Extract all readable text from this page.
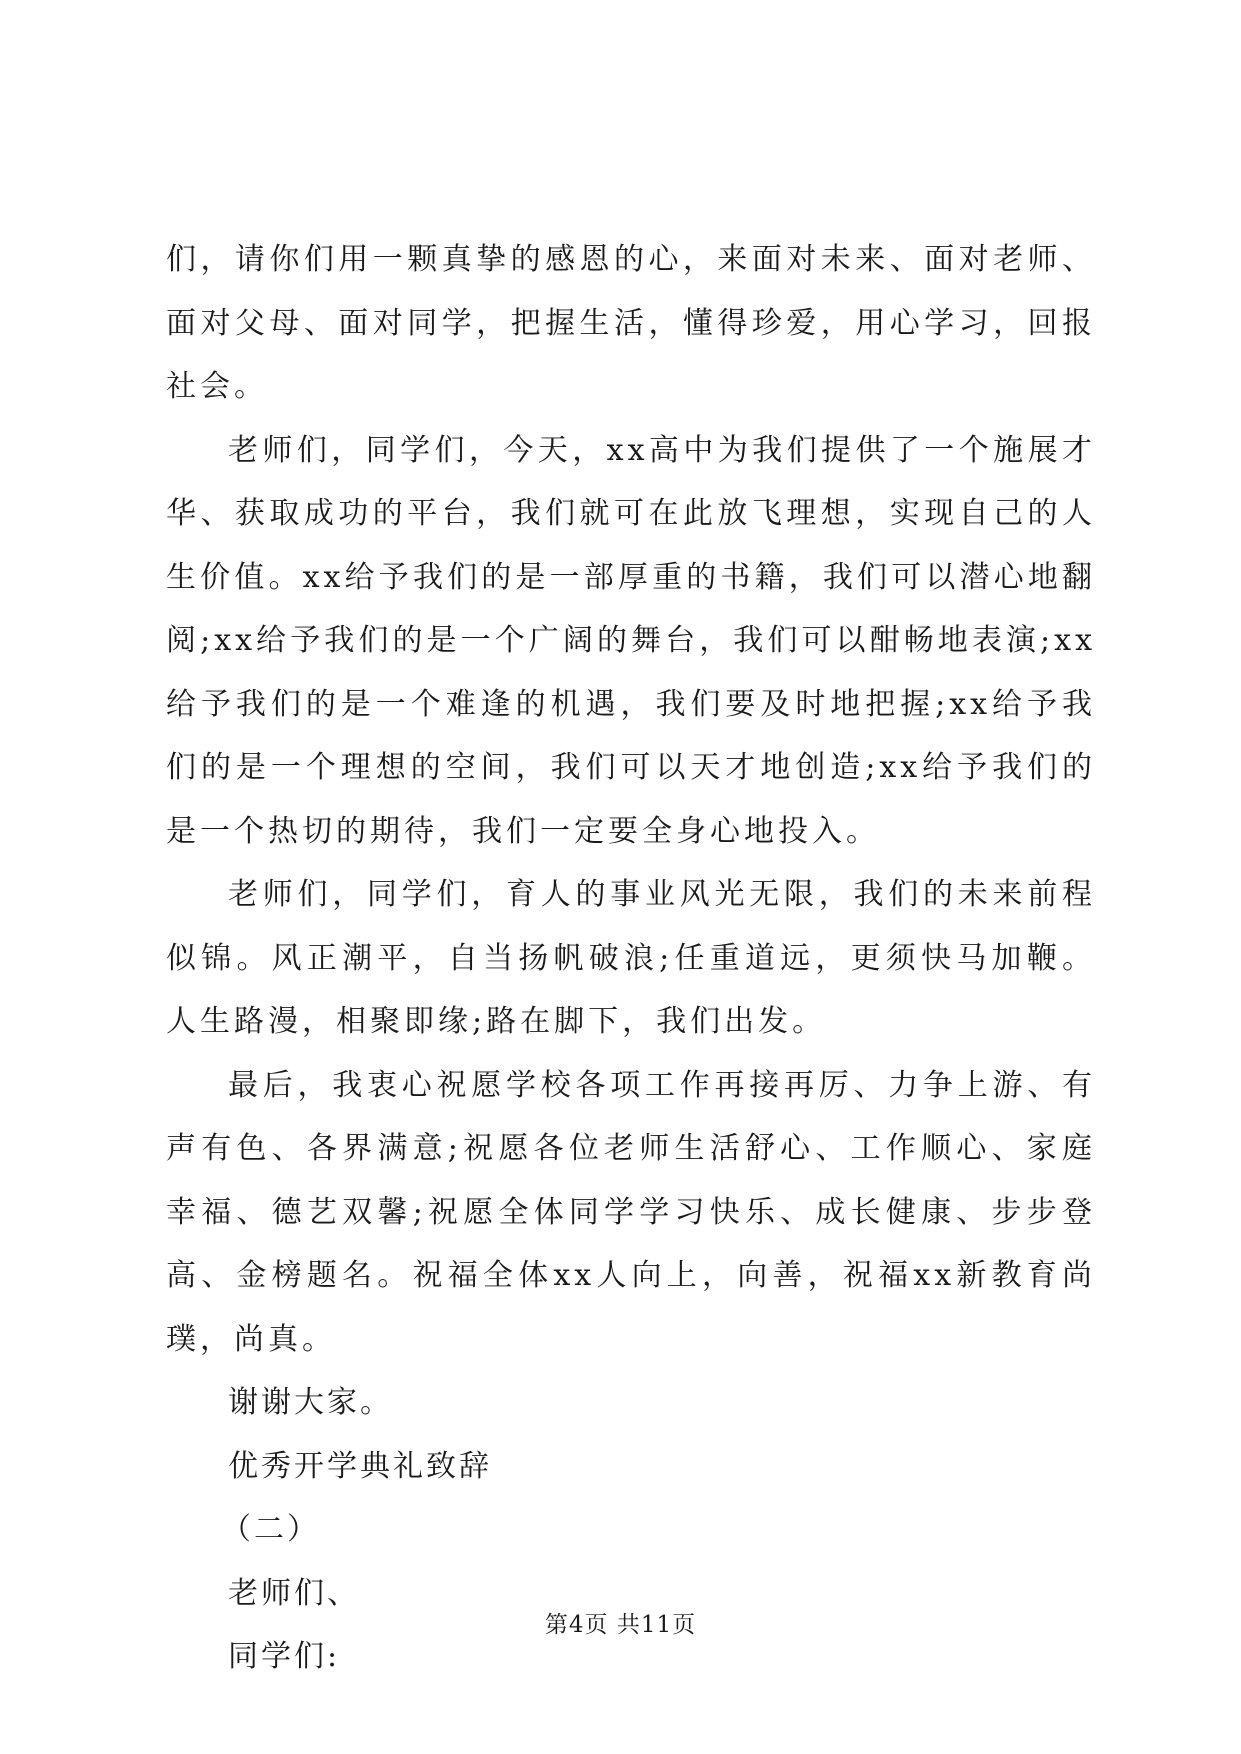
们，请你们用一颗真挚的感恩的心，来面对未来、面对老师、面对父母、面对同学，把握生活，懂得珍爱，用心学习，回报社会。

老师们，同学们，今天，xx高中为我们提供了一个施展才华、获取成功的平台，我们就可在此放飞理想，实现自己的人生价值。xx给予我们的是一部厚重的书籍，我们可以潜心地翻阅;xx给予我们的是一个广阔的舞台，我们可以酣畅地表演;xx给予我们的是一个难逢的机遇，我们要及时地把握;xx给予我们的是一个理想的空间，我们可以天才地创造;xx给予我们的是一个热切的期待，我们一定要全身心地投入。

老师们，同学们，育人的事业风光无限，我们的未来前程似锦。风正潮平，自当扬帆破浪;任重道远，更须快马加鞭。人生路漫，相聚即缘;路在脚下，我们出发。

最后，我衷心祝愿学校各项工作再接再厉、力争上游、有声有色、各界满意;祝愿各位老师生活舒心、工作顺心、家庭幸福、德艺双馨;祝愿全体同学学习快乐、成长健康、步步登高、金榜题名。祝福全体xx人向上，向善，祝福xx新教育尚璞，尚真。

谢谢大家。

优秀开学典礼致辞

（二）

老师们、

同学们:

第4页 共11页
